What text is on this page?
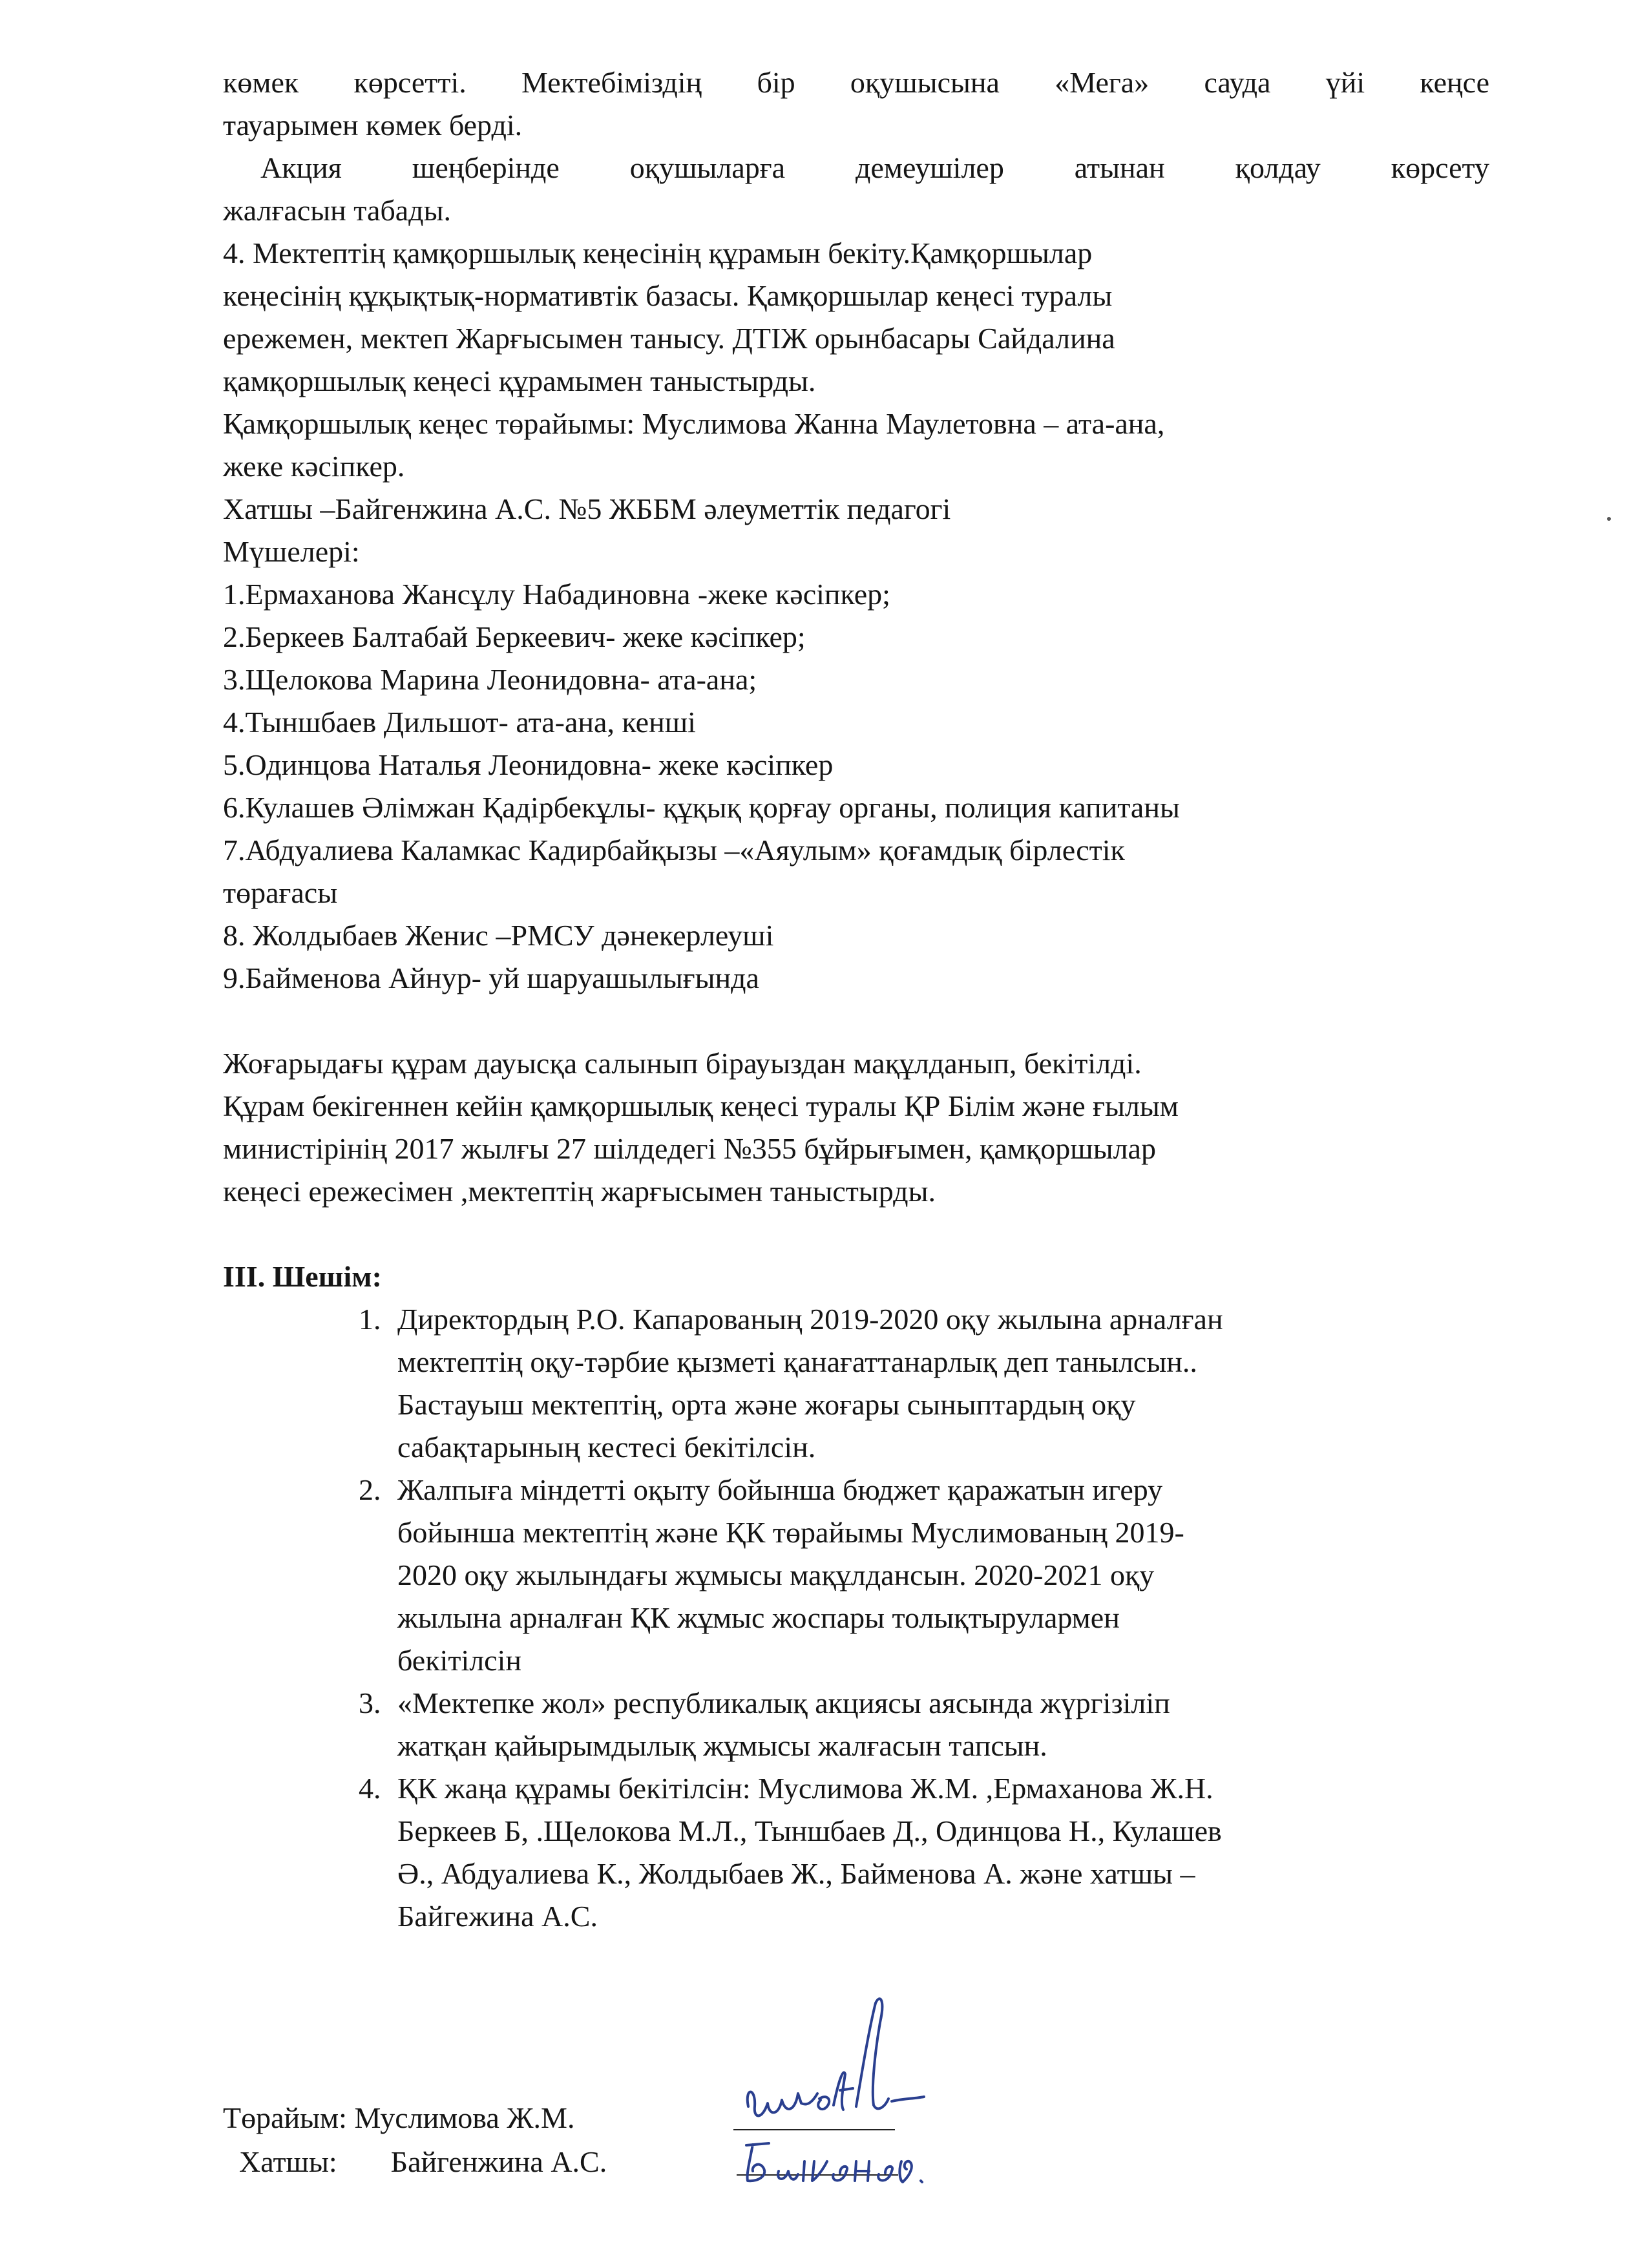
көмек көрсетті. Мектебіміздің бір оқушысына «Мега» сауда үйі кеңсе

тауарымен көмек берді.

Акция шеңберінде оқушыларға демеушілер атынан қолдау көрсету

жалғасын табады.

4. Мектептің қамқоршылық кеңесінің құрамын бекіту.Қамқоршылар
кеңесінің құқықтық-нормативтік базасы. Қамқоршылар кеңесі туралы
ережемен, мектеп Жарғысымен танысу. ДТІЖ орынбасары Сайдалина
қамқоршылық кеңесі құрамымен таныстырды.
Қамқоршылық кеңес төрайымы: Муслимова Жанна Маулетовна – ата-ана,
жеке кәсіпкер.
Хатшы –Байгенжина А.С. №5 ЖББМ әлеуметтік педагогі
Мүшелері:
1.Ермаханова Жансұлу Набадиновна -жеке кәсіпкер;
2.Беркеев Балтабай Беркеевич- жеке кәсіпкер;
3.Щелокова Марина Леонидовна- ата-ана;
4.Тыншбаев Дильшот- ата-ана, кенші
5.Одинцова Наталья Леонидовна- жеке кәсіпкер
6.Кулашев Әлімжан Қадірбекұлы- құқық қорғау органы, полиция капитаны
7.Абдуалиева Каламкас Кадирбайқызы –«Аяулым» қоғамдық бірлестік
төрағасы
8. Жолдыбаев Женис –РМСУ дәнекерлеуші
9.Байменова Айнур- уй шаруашылығында
Жоғарыдағы құрам дауысқа салынып бірауыздан мақұлданып, бекітілді.
Құрам бекігеннен кейін қамқоршылық кеңесі туралы ҚР Білім және ғылым
министірінің 2017 жылғы 27 шілдедегі №355 бұйрығымен, қамқоршылар
кеңесі ережесімен ,мектептің жарғысымен таныстырды.
ІІІ. Шешім:
1. Директордың Р.О. Капарованың 2019-2020 оқу жылына арналған
мектептің оқу-тәрбие қызметі қанағаттанарлық деп танылсын..
Бастауыш мектептің, орта және жоғары сыныптардың оқу
сабақтарының кестесі бекітілсін.
2. Жалпыға міндетті оқыту бойынша бюджет қаражатын игеру
бойынша мектептің және ҚК төрайымы Муслимованың 2019-
2020 оқу жылындағы жұмысы мақұлдансын. 2020-2021 оқу
жылына арналған ҚК жұмыс жоспары толықтырулармен
бекітілсін
3. «Мектепке жол» республикалық акциясы аясында жүргізіліп
жатқан қайырымдылық жұмысы жалғасын тапсын.
4. ҚК жаңа құрамы бекітілсін: Муслимова Ж.М. ,Ермаханова Ж.Н.
Беркеев Б, .Щелокова М.Л., Тыншбаев Д., Одинцова Н., Кулашев
Ә., Абдуалиева К., Жолдыбаев Ж., Байменова А. және хатшы –
Байгежина А.С.
Төрайым: Муслимова Ж.М.
Хатшы: Байгенжина А.С.
